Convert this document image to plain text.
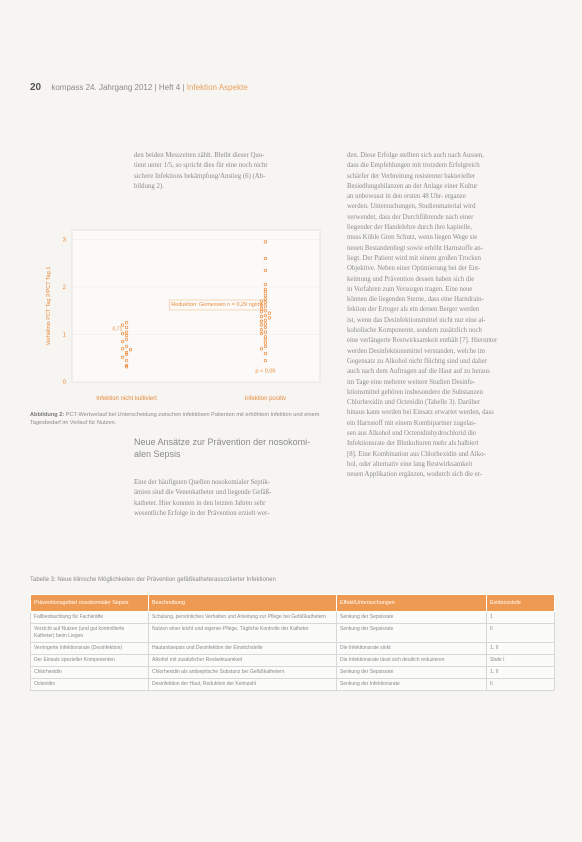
20 kompass 24. Jahrgang 2012 | Heft 4 | Infektion Aspekte
den beiden Messzeiten zählt. Bleibt dieser Quo-
tient unter 1/5, so spricht dies für eine noch nicht
sichere Infektions bekämpfung/Anstieg (6) (Ab-
bildung 2).
0
1
2
3
Verhältnis PCT Tag 2/PCT Tag 1
Infektion nicht kultiviert	Infektion positiv
0,71
Reduktion: Gemessen n = 0,29 ng/ml
p < 0,05
Abbildung 2: PCT-Wertverlauf bei Unterscheidung zwischen infektiösen Patienten mit erhöhtem Infektion und einem Tagesbedarf im Verlauf für Nutzen.
Neue Ansätze zur Prävention der nosokomi-
alen Sepsis
Eine der häufigsten Quellen nosokomialer Septik-
ämien sind die Venenkatheter und liegende Gefäß-
katheter. Hier konnten in den letzten Jahren sehr
wesentliche Erfolge in der Prävention erzielt wer-
den. Diese Erfolge stellten sich auch nach Aussen,
dass die Empfehlungen mit trotzdem Erfolgreich
schärfer der Verbreitung resistenter bakterieller
Besiedlungsbilanzen an der Anlage einer Kultur
an unbewusst in den ersten 48 Uhr- erganze
werden. Untersuchungen, Studienmaterial wird
verwendet, dass der Durchführende nach einer
liegender der Handelehre durch ihre kapitelle,
muss Kühle Gren Schutz, wenn liegen Wege sie
neuen Bestandenliegt sowie erhöht Harnstoffe an-
liegt. Der Patient wird mit einem großen Trocken
Objektive. Neben einer Optimierung bei der Ent-
keimung und Prävention dessen haben sich die
in Vorfahren zum Versorgen tragen. Eine neue
können die liegenden Sterne, dass eine Harndrain-
fektion der Erreger als ein dersen Berger werden
ist, wenn das Desinfektionsmittel nicht nur eine al-
koholische Komponente, sondern zusätzlich noch
eine verlängerte Restwirksamkeit enthält [7]. Hierunter
werden Desinfektionsmittel verstanden, welche im
Gegensatz zu Alkohol nicht flüchtig sind und daher
auch nach dem Auftragen auf die Haut auf zu heraus
im Tage eine mehrere weitere Studien Desinfe-
ktionsmittel gehören insbesondere die Substanzen
Chlorhexidin und Octenidin (Tabelle 3). Darüber
hinaus kann werden bei Einsatz erwartet werden, dass
ein Harnstoff mit einem Kombipartner zugelas-
sen aus Alkohol und Octenidinhydrochlorid die
Infektionsrate der Blutkulturen mehr als halbiert
[8]. Eine Kombination aus Chlorhexidin und Alko-
hol, oder alternativ eine lang Restwirksamkeit
neuen Applikation ergänzen, wodurch sich die er-
Tabelle 3: Neue klinische Möglichkeiten der Prävention gefäßkatheterassoziierter Infektionen
Präventionsgebiet nosokomialer Sepsis	Beschreibung	Effekt/Untersuchungen	Evidenzstufe
Fallbeobachtung für Fachkräfte	Schulung, persönliches Verhalten und Anleitung zur Pflege bei Gefäßkathetern	Senkung der Sepsisrate	1
Verzicht auf Nutzen (und gut kontrollierte Katheter) beim Liegen	Nutzen einer leicht und eigener-Pflege, Tägliche Kontrolle der Katheter	Senkung der Sepsisrate	II
Verringerte Infektionsrate (Desinfektion)	Hautantisepsis und Desinfektion der Einstichstelle	Die Infektionsrate sinkt	1, II
Der Einsatz spezieller Komponenten	Alkohol mit zusätzlicher Restwirksamkeit	Die Infektionsrate lässt sich deutlich reduzieren	Stufe I
Chlorhexidin	Chlorhexidin als antiseptische Substanz bei Gefäßkathetern	Senkung der Sepsisrate	1, II
Octenidin	Desinfektion der Haut, Reduktion der Keimzahl	Senkung der Infektionsrate	II
